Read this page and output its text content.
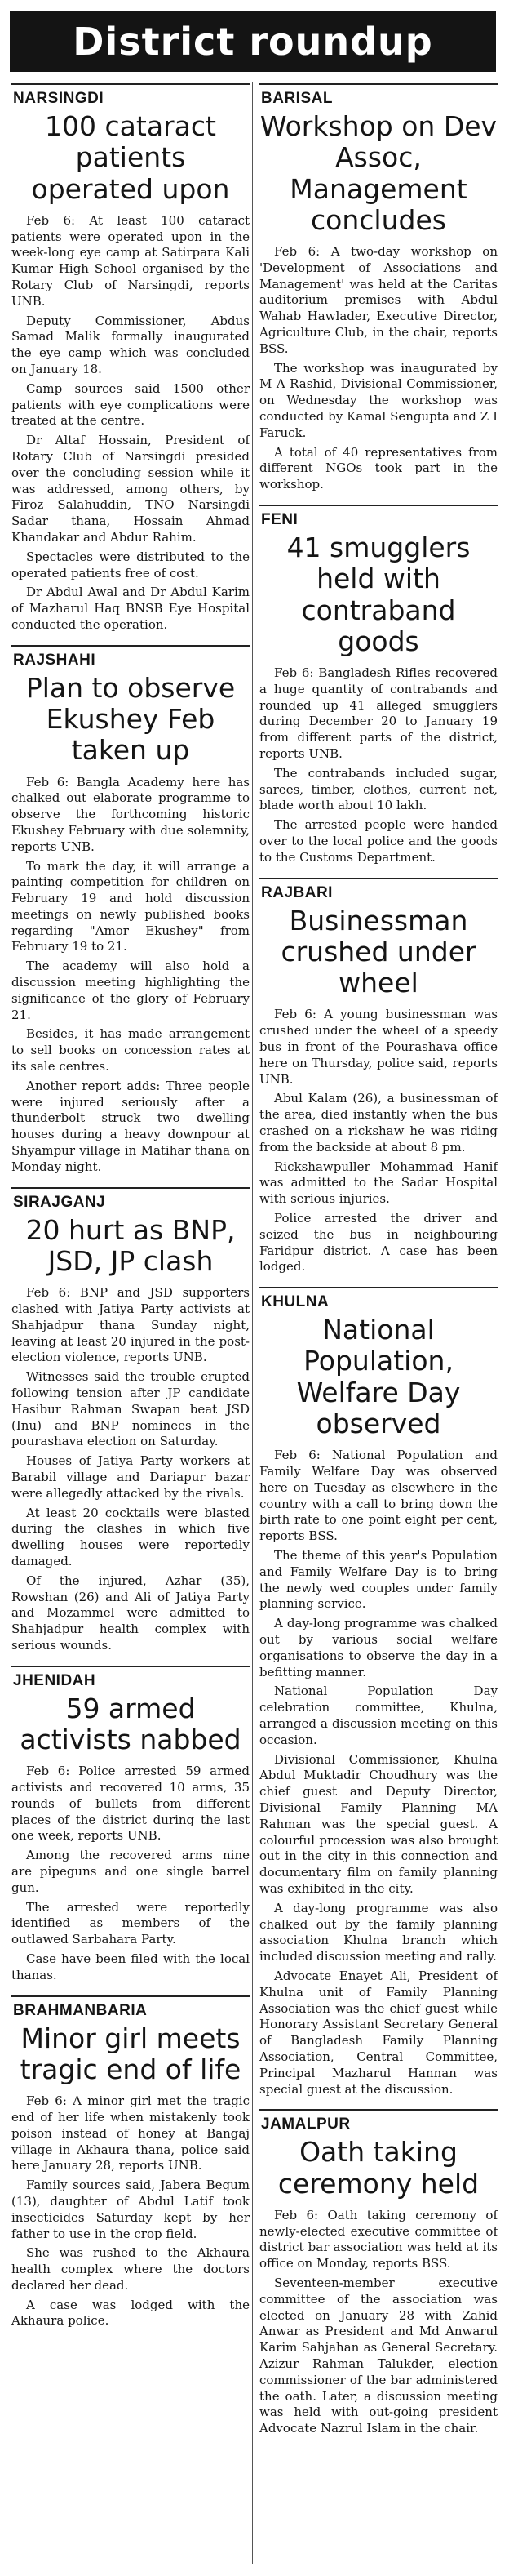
District roundup
NARSINGDI
100 cataract patients operated upon

Feb 6: At least 100 cataract patients were operated upon in the week-long eye camp at Satirpara Kali Kumar High School organised by the Rotary Club of Narsingdi, reports UNB.

Deputy Commissioner, Abdus Samad Malik formally inaugurated the eye camp which was concluded on January 18.

Camp sources said 1500 other patients with eye complications were treated at the centre.

Dr Altaf Hossain, President of Rotary Club of Narsingdi presided over the concluding session while it was addressed, among others, by Firoz Salahuddin, TNO Narsingdi Sadar thana, Hossain Ahmad Khandakar and Abdur Rahim.

Spectacles were distributed to the operated patients free of cost.

Dr Abdul Awal and Dr Abdul Karim of Mazharul Haq BNSB Eye Hospital conducted the operation.

RAJSHAHI
Plan to observe Ekushey Feb taken up

Feb 6: Bangla Academy here has chalked out elaborate programme to observe the forthcoming historic Ekushey February with due solemnity, reports UNB.

To mark the day, it will arrange a painting competition for children on February 19 and hold discussion meetings on newly published books regarding "Amor Ekushey" from February 19 to 21.

The academy will also hold a discussion meeting highlighting the significance of the glory of February 21.

Besides, it has made arrangement to sell books on concession rates at its sale centres.

Another report adds: Three people were injured seriously after a thunderbolt struck two dwelling houses during a heavy downpour at Shyampur village in Matihar thana on Monday night.

SIRAJGANJ
20 hurt as BNP, JSD, JP clash

Feb 6: BNP and JSD supporters clashed with Jatiya Party activists at Shahjadpur thana Sunday night, leaving at least 20 injured in the post-election violence, reports UNB.

Witnesses said the trouble erupted following tension after JP candidate Hasibur Rahman Swapan beat JSD (Inu) and BNP nominees in the pourashava election on Saturday.

Houses of Jatiya Party workers at Barabil village and Dariapur bazar were allegedly attacked by the rivals.

At least 20 cocktails were blasted during the clashes in which five dwelling houses were reportedly damaged.

Of the injured, Azhar (35), Rowshan (26) and Ali of Jatiya Party and Mozammel were admitted to Shahjadpur health complex with serious wounds.

JHENIDAH
59 armed activists nabbed

Feb 6: Police arrested 59 armed activists and recovered 10 arms, 35 rounds of bullets from different places of the district during the last one week, reports UNB.

Among the recovered arms nine are pipeguns and one single barrel gun.

The arrested were reportedly identified as members of the outlawed Sarbahara Party.

Case have been filed with the local thanas.

BRAHMANBARIA
Minor girl meets tragic end of life

Feb 6: A minor girl met the tragic end of her life when mistakenly took poison instead of honey at Bangaj village in Akhaura thana, police said here January 28, reports UNB.

Family sources said, Jabera Begum (13), daughter of Abdul Latif took insecticides Saturday kept by her father to use in the crop field.

She was rushed to the Akhaura health complex where the doctors declared her dead.

A case was lodged with the Akhaura police.

BARISAL
Workshop on Dev Assoc, Management concludes

Feb 6: A two-day workshop on 'Development of Associations and Management' was held at the Caritas auditorium premises with Abdul Wahab Hawlader, Executive Director, Agriculture Club, in the chair, reports BSS.

The workshop was inaugurated by M A Rashid, Divisional Commissioner, on Wednesday the workshop was conducted by Kamal Sengupta and Z I Faruck.

A total of 40 representatives from different NGOs took part in the workshop.

FENI
41 smugglers held with contraband goods

Feb 6: Bangladesh Rifles recovered a huge quantity of contrabands and rounded up 41 alleged smugglers during December 20 to January 19 from different parts of the district, reports UNB.

The contrabands included sugar, sarees, timber, clothes, current net, blade worth about 10 lakh.

The arrested people were handed over to the local police and the goods to the Customs Department.

RAJBARI
Businessman crushed under wheel

Feb 6: A young businessman was crushed under the wheel of a speedy bus in front of the Pourashava office here on Thursday, police said, reports UNB.

Abul Kalam (26), a businessman of the area, died instantly when the bus crashed on a rickshaw he was riding from the backside at about 8 pm.

Rickshawpuller Mohammad Hanif was admitted to the Sadar Hospital with serious injuries.

Police arrested the driver and seized the bus in neighbouring Faridpur district. A case has been lodged.

KHULNA
National Population, Welfare Day observed

Feb 6: National Population and Family Welfare Day was observed here on Tuesday as elsewhere in the country with a call to bring down the birth rate to one point eight per cent, reports BSS.

The theme of this year's Population and Family Welfare Day is to bring the newly wed couples under family planning service.

A day-long programme was chalked out by various social welfare organisations to observe the day in a befitting manner.

National Population Day celebration committee, Khulna, arranged a discussion meeting on this occasion.

Divisional Commissioner, Khulna Abdul Muktadir Choudhury was the chief guest and Deputy Director, Divisional Family Planning MA Rahman was the special guest. A colourful procession was also brought out in the city in this connection and documentary film on family planning was exhibited in the city.

A day-long programme was also chalked out by the family planning association Khulna branch which included discussion meeting and rally.

Advocate Enayet Ali, President of Khulna unit of Family Planning Association was the chief guest while Honorary Assistant Secretary General of Bangladesh Family Planning Association, Central Committee, Principal Mazharul Hannan was special guest at the discussion.

JAMALPUR
Oath taking ceremony held

Feb 6: Oath taking ceremony of newly-elected executive committee of district bar association was held at its office on Monday, reports BSS.

Seventeen-member executive committee of the association was elected on January 28 with Zahid Anwar as President and Md Anwarul Karim Sahjahan as General Secretary. Azizur Rahman Talukder, election commissioner of the bar administered the oath. Later, a discussion meeting was held with out-going president Advocate Nazrul Islam in the chair.
